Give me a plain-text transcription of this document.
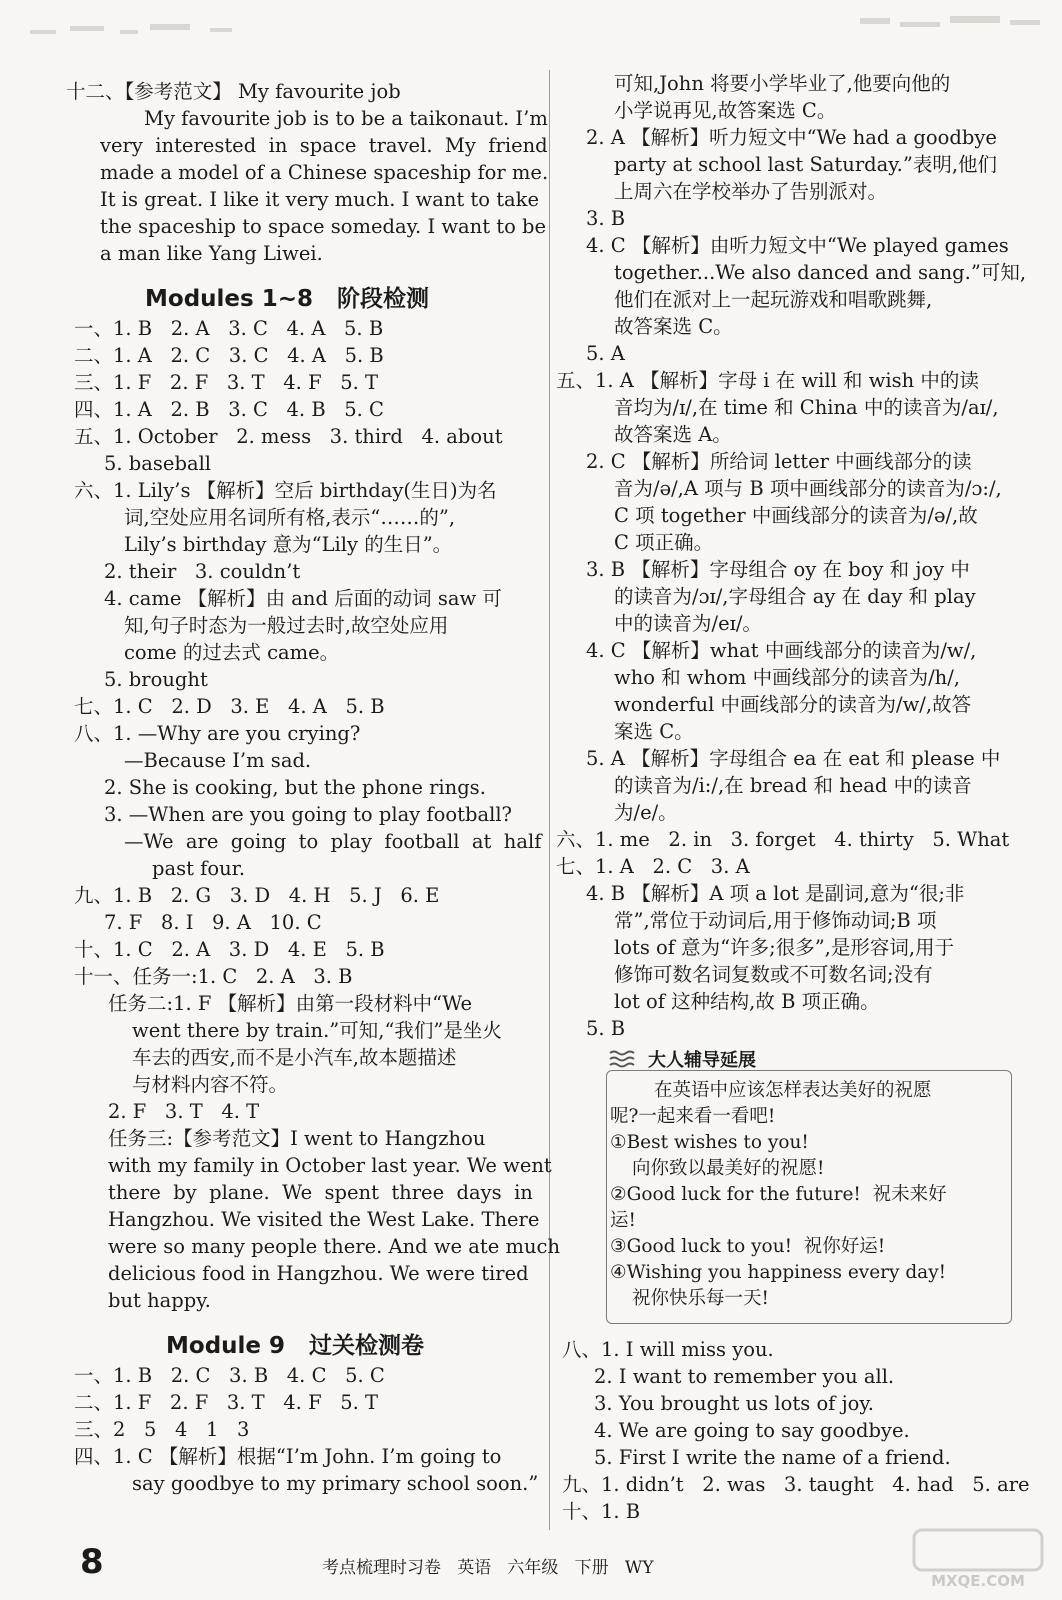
大人辅导延展
8	考点梳理时习卷   英语   六年级   下册   WY
MXQE.COM
十二、【参考范文】 My favourite job
My favourite job is to be a taikonaut. I’m
very  interested  in  space  travel.  My  friend
made a model of a Chinese spaceship for me.
It is great. I like it very much. I want to take
the spaceship to space someday. I want to be
a man like Yang Liwei.
一、1. B   2. A   3. C   4. A   5. B
二、1. A   2. C   3. C   4. A   5. B
三、1. F   2. F   3. T   4. F   5. T
四、1. A   2. B   3. C   4. B   5. C
五、1. October   2. mess   3. third   4. about
5. baseball
六、1. Lily’s 【解析】空后 birthday(生日)为名
词,空处应用名词所有格,表示“……的”,
Lily’s birthday 意为“Lily 的生日”。
2. their   3. couldn’t
4. came 【解析】由 and 后面的动词 saw 可
知,句子时态为一般过去时,故空处应用
come 的过去式 came。
5. brought
七、1. C   2. D   3. E   4. A   5. B
八、1. —Why are you crying?
—Because I’m sad.
2. She is cooking, but the phone rings.
3. —When are you going to play football?
—We  are  going  to  play  football  at  half
past four.
九、1. B   2. G   3. D   4. H   5. J   6. E
7. F   8. I   9. A   10. C
十、1. C   2. A   3. D   4. E   5. B
十一、任务一:1. C   2. A   3. B
任务二:1. F 【解析】由第一段材料中“We
went there by train.”可知,“我们”是坐火
车去的西安,而不是小汽车,故本题描述
与材料内容不符。
2. F   3. T   4. T
任务三:【参考范文】I went to Hangzhou
with my family in October last year. We went
there  by  plane.  We  spent  three  days  in
Hangzhou. We visited the West Lake. There
were so many people there. And we ate much
delicious food in Hangzhou. We were tired
but happy.
一、1. B   2. C   3. B   4. C   5. C
二、1. F   2. F   3. T   4. F   5. T
三、2   5   4   1   3
四、1. C 【解析】根据“I’m John. I’m going to
say goodbye to my primary school soon.”
可知,John 将要小学毕业了,他要向他的
小学说再见,故答案选 C。
2. A 【解析】听力短文中“We had a goodbye
party at school last Saturday.”表明,他们
上周六在学校举办了告别派对。
3. B
4. C 【解析】由听力短文中“We played games
together...We also danced and sang.”可知,
他们在派对上一起玩游戏和唱歌跳舞,
故答案选 C。
5. A
五、1. A 【解析】字母 i 在 will 和 wish 中的读
音均为/ɪ/,在 time 和 China 中的读音为/aɪ/,
故答案选 A。
2. C 【解析】所给词 letter 中画线部分的读
音为/ə/,A 项与 B 项中画线部分的读音为/ɔ:/,
C 项 together 中画线部分的读音为/ə/,故
C 项正确。
3. B 【解析】字母组合 oy 在 boy 和 joy 中
的读音为/ɔɪ/,字母组合 ay 在 day 和 play
中的读音为/eɪ/。
4. C 【解析】what 中画线部分的读音为/w/,
who 和 whom 中画线部分的读音为/h/,
wonderful 中画线部分的读音为/w/,故答
案选 C。
5. A 【解析】字母组合 ea 在 eat 和 please 中
的读音为/i:/,在 bread 和 head 中的读音
为/e/。
六、1. me   2. in   3. forget   4. thirty   5. What
七、1. A   2. C   3. A
4. B 【解析】A 项 a lot 是副词,意为“很;非
常”,常位于动词后,用于修饰动词;B 项
lots of 意为“许多;很多”,是形容词,用于
修饰可数名词复数或不可数名词;没有
lot of 这种结构,故 B 项正确。
5. B
在英语中应该怎样表达美好的祝愿
呢?一起来看一看吧!
①Best wishes to you!
向你致以最美好的祝愿!
②Good luck for the future!  祝未来好
运!
③Good luck to you!  祝你好运!
④Wishing you happiness every day!
祝你快乐每一天!
八、1. I will miss you.
2. I want to remember you all.
3. You brought us lots of joy.
4. We are going to say goodbye.
5. First I write the name of a friend.
九、1. didn’t   2. was   3. taught   4. had   5. are
十、1. B
Modules 1~8   阶段检测
Module 9   过关检测卷
